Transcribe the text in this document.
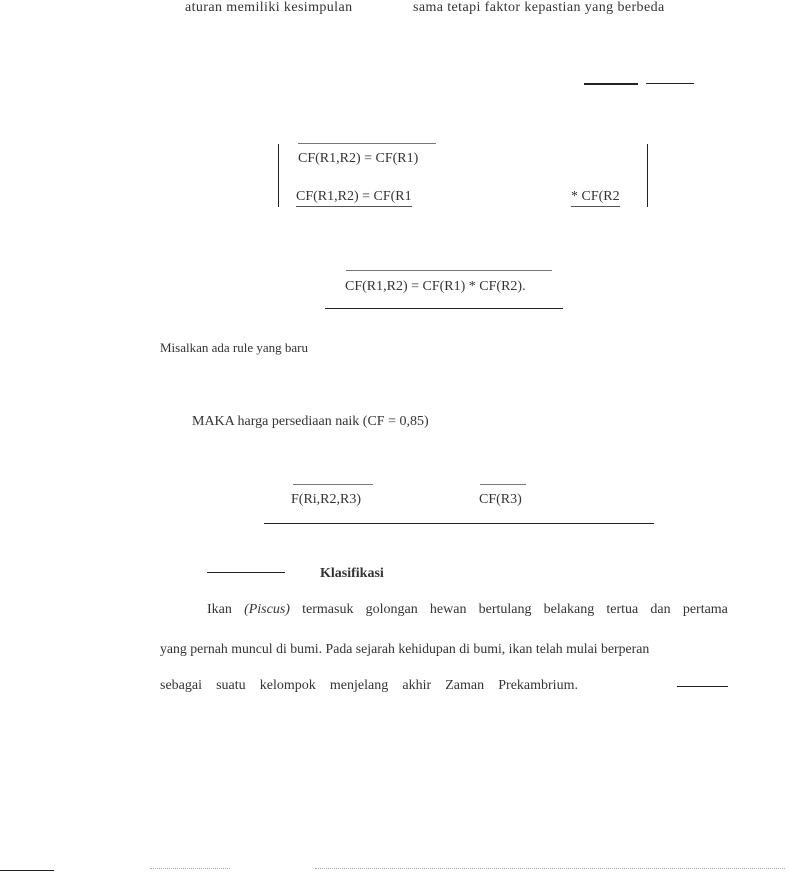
aturan memiliki kesimpulan	sama tetapi faktor kepastian yang berbeda
CF(R1,R2) = CF(R1)
CF(R1,R2) = CF(R1	* CF(R2
CF(R1,R2) = CF(R1) * CF(R2).
Misalkan ada rule yang baru
MAKA harga persediaan naik (CF = 0,85)
F(Ri,R2,R3)	CF(R3)
Klasifikasi
Ikan (Piscus) termasuk golongan hewan bertulang belakang tertua dan pertama
yang pernah muncul di bumi. Pada sejarah kehidupan di bumi, ikan telah mulai berperan
sebagai suatu kelompok menjelang akhir Zaman Prekambrium.
